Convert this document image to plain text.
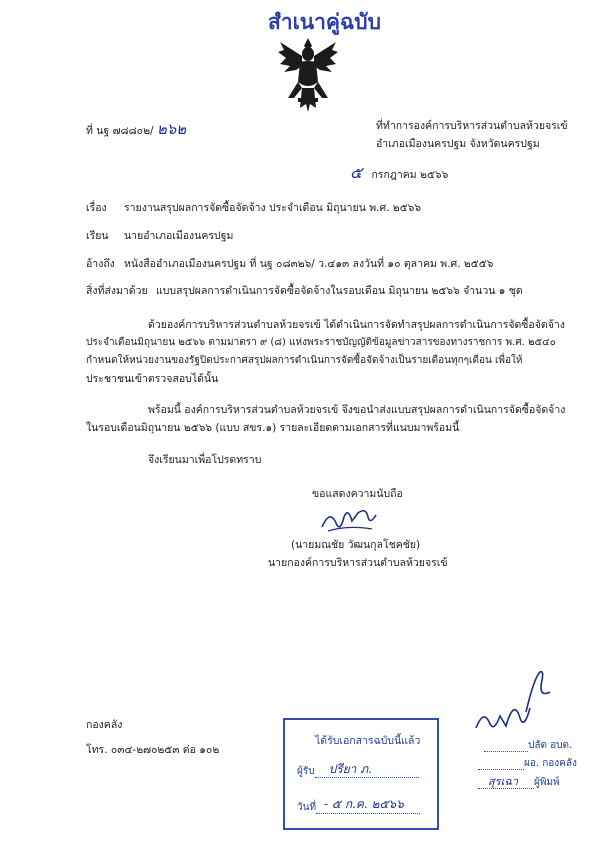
สำเนาคู่ฉบับ
ที่ นฐ ๗๘๘๐๒/ ๒๖๒	ที่ทำการองค์การบริหารส่วนตำบลห้วยจรเข้
อำเภอเมืองนครปฐม จังหวัดนครปฐม
๕ กรกฎาคม ๒๕๖๖
เรื่อง รายงานสรุปผลการจัดซื้อจัดจ้าง ประจำเดือน มิถุนายน พ.ศ. ๒๕๖๖
เรียน นายอำเภอเมืองนครปฐม
อ้างถึง หนังสืออำเภอเมืองนครปฐม ที่ นฐ ๐๘๓๒๖/ ว.๔๑๓ ลงวันที่ ๑๐ ตุลาคม พ.ศ. ๒๕๕๖
สิ่งที่ส่งมาด้วย แบบสรุปผลการดำเนินการจัดซื้อจัดจ้างในรอบเดือน มิถุนายน ๒๕๖๖ จำนวน ๑ ชุด
ด้วยองค์การบริหารส่วนตำบลห้วยจรเข้ ได้ดำเนินการจัดทำสรุปผลการดำเนินการจัดซื้อจัดจ้าง
ประจำเดือนมิถุนายน ๒๕๖๖ ตามมาตรา ๙ (๘) แห่งพระราชบัญญัติข้อมูลข่าวสารของทางราชการ พ.ศ. ๒๕๔๐
กำหนดให้หน่วยงานของรัฐปิดประกาศสรุปผลการดำเนินการจัดซื้อจัดจ้างเป็นรายเดือนทุกๆเดือน เพื่อให้
ประชาชนเข้าตรวจสอบได้นั้น
พร้อมนี้ องค์การบริหารส่วนตำบลห้วยจรเข้ จึงขอนำส่งแบบสรุปผลการดำเนินการจัดซื้อจัดจ้าง
ในรอบเดือนมิถุนายน ๒๕๖๖ (แบบ สขร.๑) รายละเอียดตามเอกสารที่แนบมาพร้อมนี้
จึงเรียนมาเพื่อโปรดทราบ
ขอแสดงความนับถือ
(นายมณชัย วัฒนกุลโชคชัย)
นายกองค์การบริหารส่วนตำบลห้วยจรเข้
กองคลัง
โทร. ๐๓๔-๒๗๐๒๕๓ ต่อ ๑๐๒
ได้รับเอกสารฉบับนี้แล้ว
ผู้รับ ปรียา ภ.

วันที่ - ๕ ก.ค. ๒๕๖๖

ปลัด อบต.
ผอ. กองคลัง
สุรเฉา ผู้พิมพ์
